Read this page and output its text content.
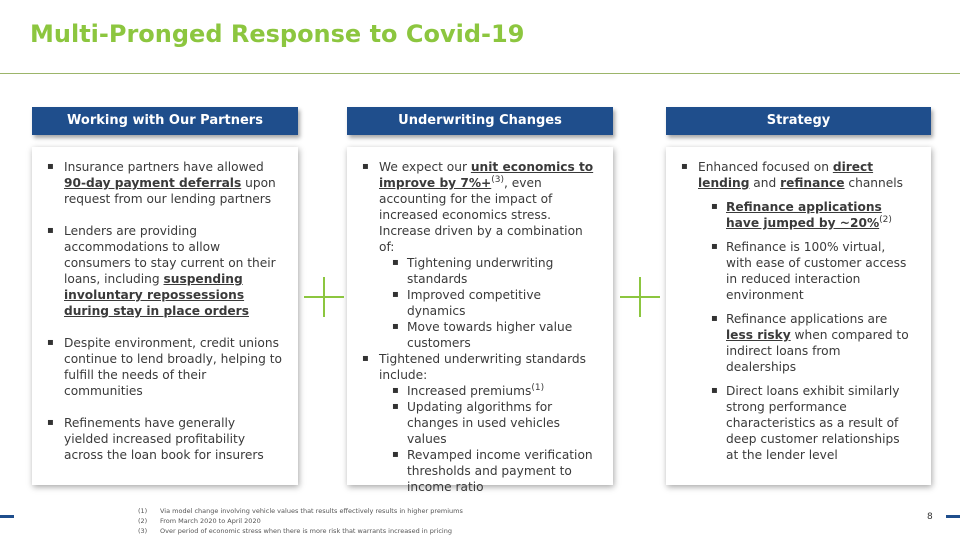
Multi-Pronged Response to Covid-19
Working with Our Partners	Underwriting Changes	Strategy
▪ Insurance partners have allowed 90-day payment deferrals upon request from our lending partners
▪ Lenders are providing accommodations to allow consumers to stay current on their loans, including suspending involuntary repossessions during stay in place orders
▪ Despite environment, credit unions continue to lend broadly, helping to fulfill the needs of their communities
▪ Refinements have generally yielded increased profitability across the loan book for insurers
▪ We expect our unit economics to improve by 7%+$^{(3)}$, even accounting for the impact of increased economics stress. Increase driven by a combination of:
▪ Tightening underwriting standards
▪ Improved competitive dynamics
▪ Move towards higher value customers
▪ Tightened underwriting standards include:
▪ Increased premiums$^{(1)}$
▪ Updating algorithms for changes in used vehicles values
▪ Revamped income verification thresholds and payment to income ratio
▪ Enhanced focused on direct lending and refinance channels
▪ Refinance applications have jumped by ~20%$^{(2)}$
▪ Refinance is 100% virtual, with ease of customer access in reduced interaction environment
▪ Refinance applications are less risky when compared to indirect loans from dealerships
▪ Direct loans exhibit similarly strong performance characteristics as a result of deep customer relationships at the lender level
(1) Via model change involving vehicle values that results effectively results in higher premiums
(2) From March 2020 to April 2020
(3) Over period of economic stress when there is more risk that warrants increased in pricing
8
